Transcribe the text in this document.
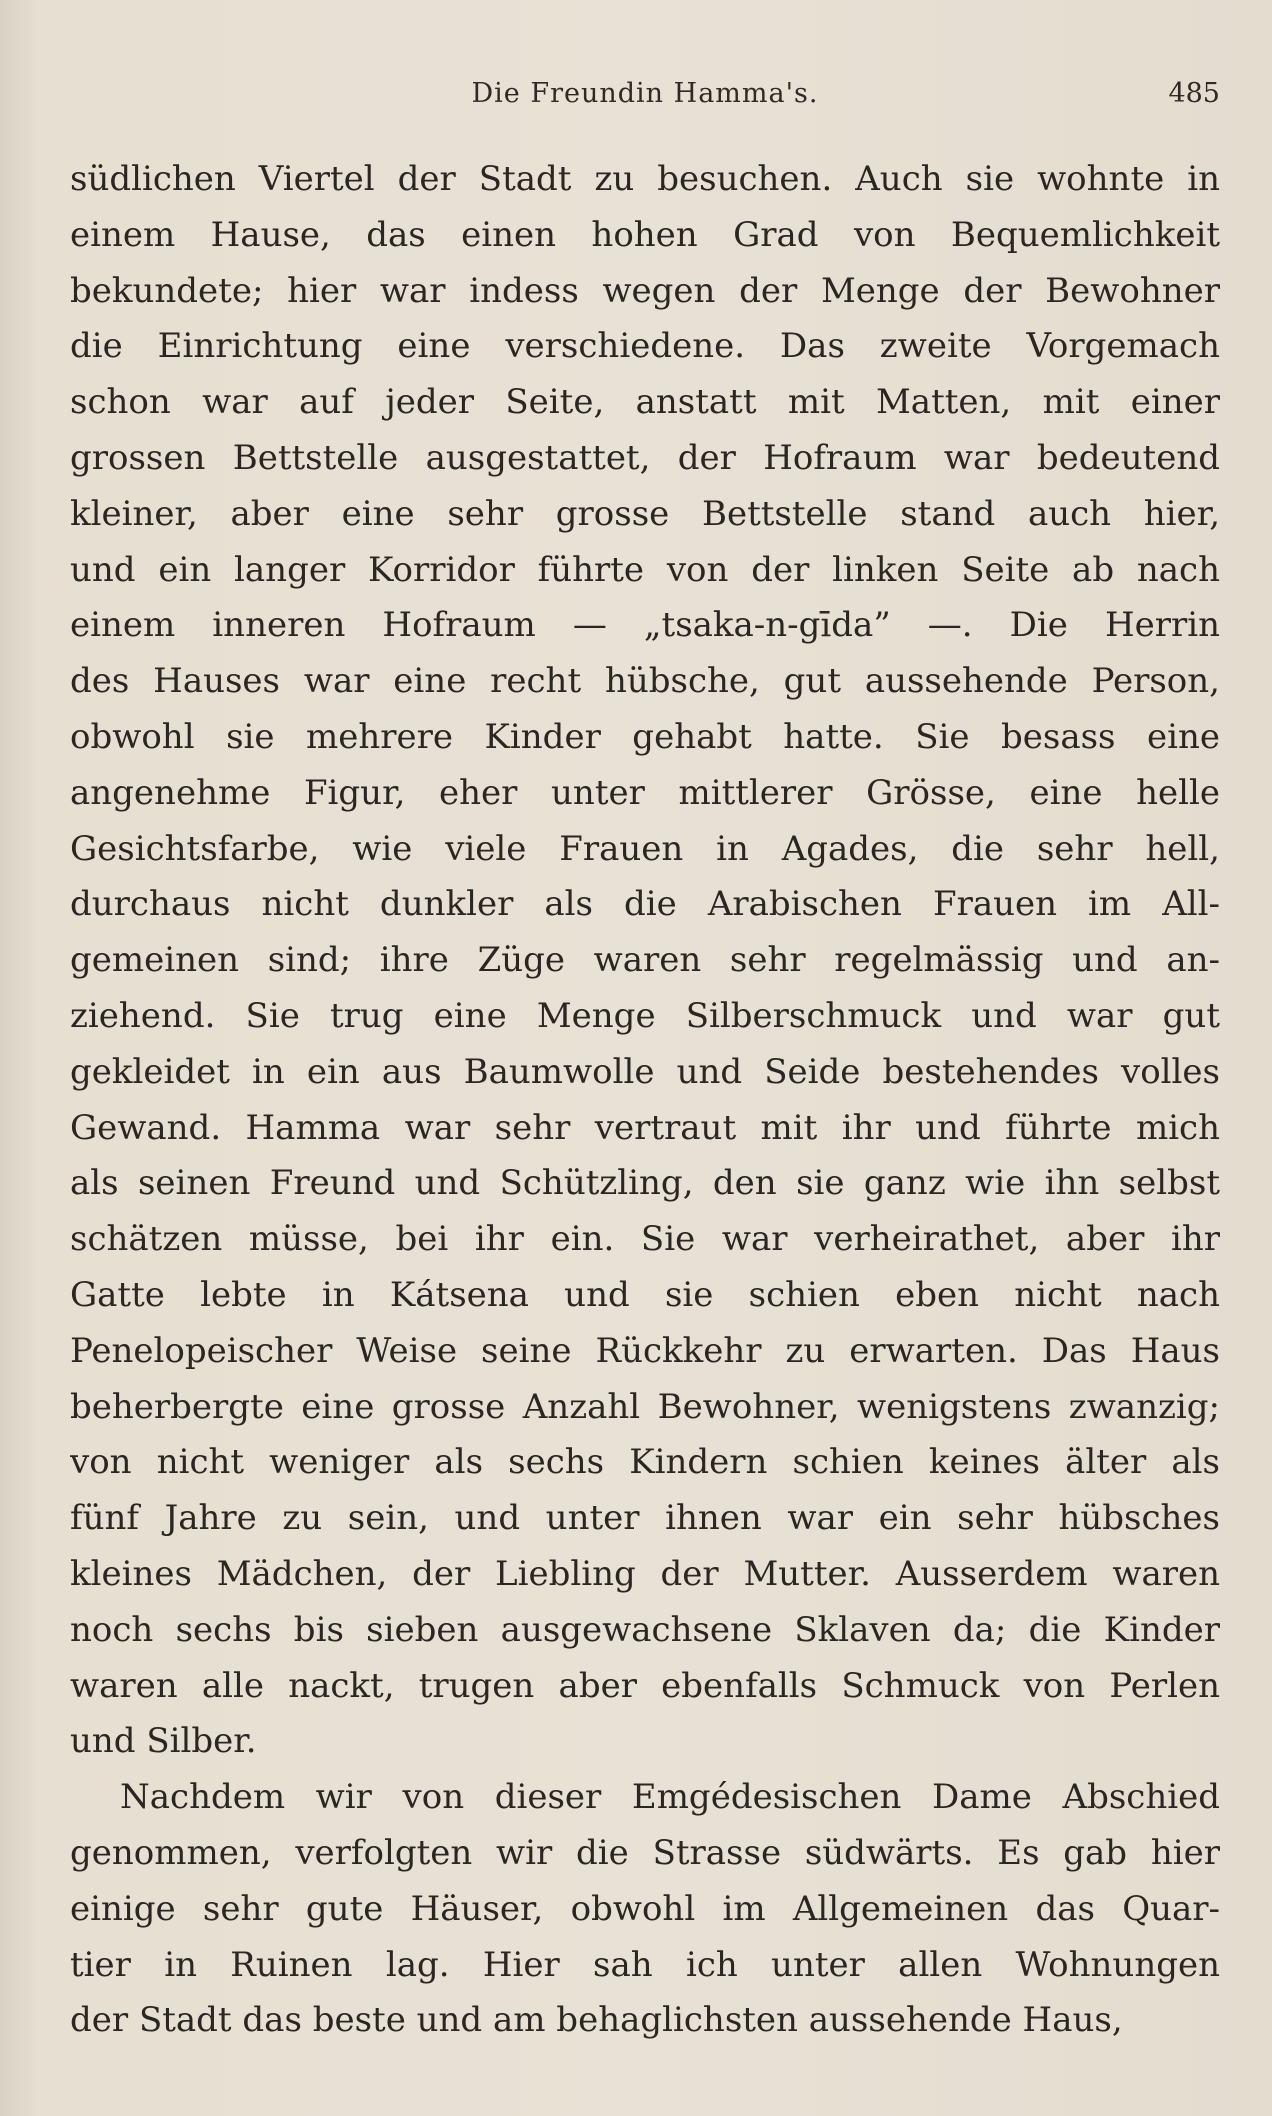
Die Freundin Hamma's.	485
südlichen Viertel der Stadt zu besuchen. Auch sie wohnte in
einem Hause, das einen hohen Grad von Bequemlichkeit
bekundete; hier war indess wegen der Menge der Bewohner
die Einrichtung eine verschiedene. Das zweite Vorgemach
schon war auf jeder Seite, anstatt mit Matten, mit einer
grossen Bettstelle ausgestattet, der Hofraum war bedeutend
kleiner, aber eine sehr grosse Bettstelle stand auch hier,
und ein langer Korridor führte von der linken Seite ab nach
einem inneren Hofraum — „tsaka-n-gīda” —. Die Herrin
des Hauses war eine recht hübsche, gut aussehende Person,
obwohl sie mehrere Kinder gehabt hatte. Sie besass eine
angenehme Figur, eher unter mittlerer Grösse, eine helle
Gesichtsfarbe, wie viele Frauen in Agades, die sehr hell,
durchaus nicht dunkler als die Arabischen Frauen im All-
gemeinen sind; ihre Züge waren sehr regelmässig und an-
ziehend. Sie trug eine Menge Silberschmuck und war gut
gekleidet in ein aus Baumwolle und Seide bestehendes volles
Gewand. Hamma war sehr vertraut mit ihr und führte mich
als seinen Freund und Schützling, den sie ganz wie ihn selbst
schätzen müsse, bei ihr ein. Sie war verheirathet, aber ihr
Gatte lebte in Kátsena und sie schien eben nicht nach
Penelopeischer Weise seine Rückkehr zu erwarten. Das Haus
beherbergte eine grosse Anzahl Bewohner, wenigstens zwanzig;
von nicht weniger als sechs Kindern schien keines älter als
fünf Jahre zu sein, und unter ihnen war ein sehr hübsches
kleines Mädchen, der Liebling der Mutter. Ausserdem waren
noch sechs bis sieben ausgewachsene Sklaven da; die Kinder
waren alle nackt, trugen aber ebenfalls Schmuck von Perlen
und Silber.
Nachdem wir von dieser Emgédesischen Dame Abschied
genommen, verfolgten wir die Strasse südwärts. Es gab hier
einige sehr gute Häuser, obwohl im Allgemeinen das Quar-
tier in Ruinen lag. Hier sah ich unter allen Wohnungen
der Stadt das beste und am behaglichsten aussehende Haus,
